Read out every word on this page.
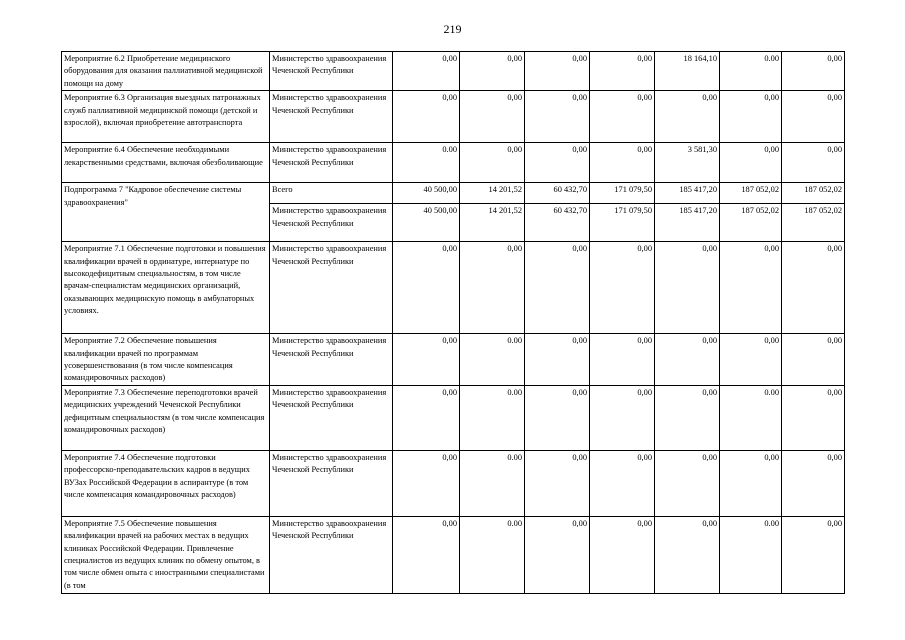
219
Мероприятие 6.2 Приобретение медицинского оборудования для оказания паллиативной медицинской помощи на дому	Министерство здравоохранения Чеченской Республики	0,00	0,00	0,00	0,00	18 164,10	0.00	0,00
Мероприятие 6.3 Организация выездных патронажных служб паллиативной медицинской помощи (детской и взрослой), включая приобретение автотранспорта	Министерство здравоохранения Чеченской Республики	0,00	0,00	0,00	0,00	0,00	0,00	0,00
Мероприятие 6.4 Обеспечение необходимыми лекарственными средствами, включая обезболивающие	Министерство здравоохранения Чеченской Республики	0.00	0,00	0,00	0,00	3 581,30	0,00	0,00
Подпрограмма 7 "Кадровое обеспечение системы здравоохранения"	Всего	40 500,00	14 201,52	60 432,70	171 079,50	185 417,20	187 052,02	187 052,02
	Министерство здравоохранения Чеченской Республики	40 500,00	14 201,52	60 432,70	171 079,50	185 417,20	187 052,02	187 052,02
Мероприятие 7.1 Обеспечение подготовки и повышения квалификации врачей в ординатуре, интернатуре по высокодефицитным специальностям, в том числе врачам-специалистам медицинских организаций, оказывающих медицинскую помощь в амбулаторных условиях.	Министерство здравоохранения Чеченской Республики	0,00	0,00	0,00	0,00	0,00	0,00	0,00
Мероприятие 7.2 Обеспечение повышения квалификации врачей по программам усовершенствования (в том числе компенсация командировочных расходов)	Министерство здравоохранения Чеченской Республики	0,00	0.00	0,00	0,00	0,00	0,00	0,00
Мероприятие 7.3 Обеспечение переподготовки врачей медицинских учреждений Чеченской Республики дефицитным специальностям (в том числе компенсация командировочных расходов)	Министерство здравоохранения Чеченской Республики	0,00	0.00	0,00	0,00	0,00	0.00	0,00
Мероприятие 7.4 Обеспечение подготовки профессорско-преподавательских кадров в ведущих ВУЗах Российской Федерации в аспирантуре (в том числе компенсация командировочных расходов)	Министерство здравоохранения Чеченской Республики	0,00	0.00	0,00	0,00	0,00	0,00	0,00
Мероприятие 7.5 Обеспечение повышения квалификации врачей на рабочих местах в ведущих клиниках Российской Федерации. Привлечение специалистов из ведущих клиник по обмену опытом, в том числе обмен опыта с иностранными специалистами (в том	Министерство здравоохранения Чеченской Республики	0,00	0.00	0,00	0,00	0,00	0.00	0,00
